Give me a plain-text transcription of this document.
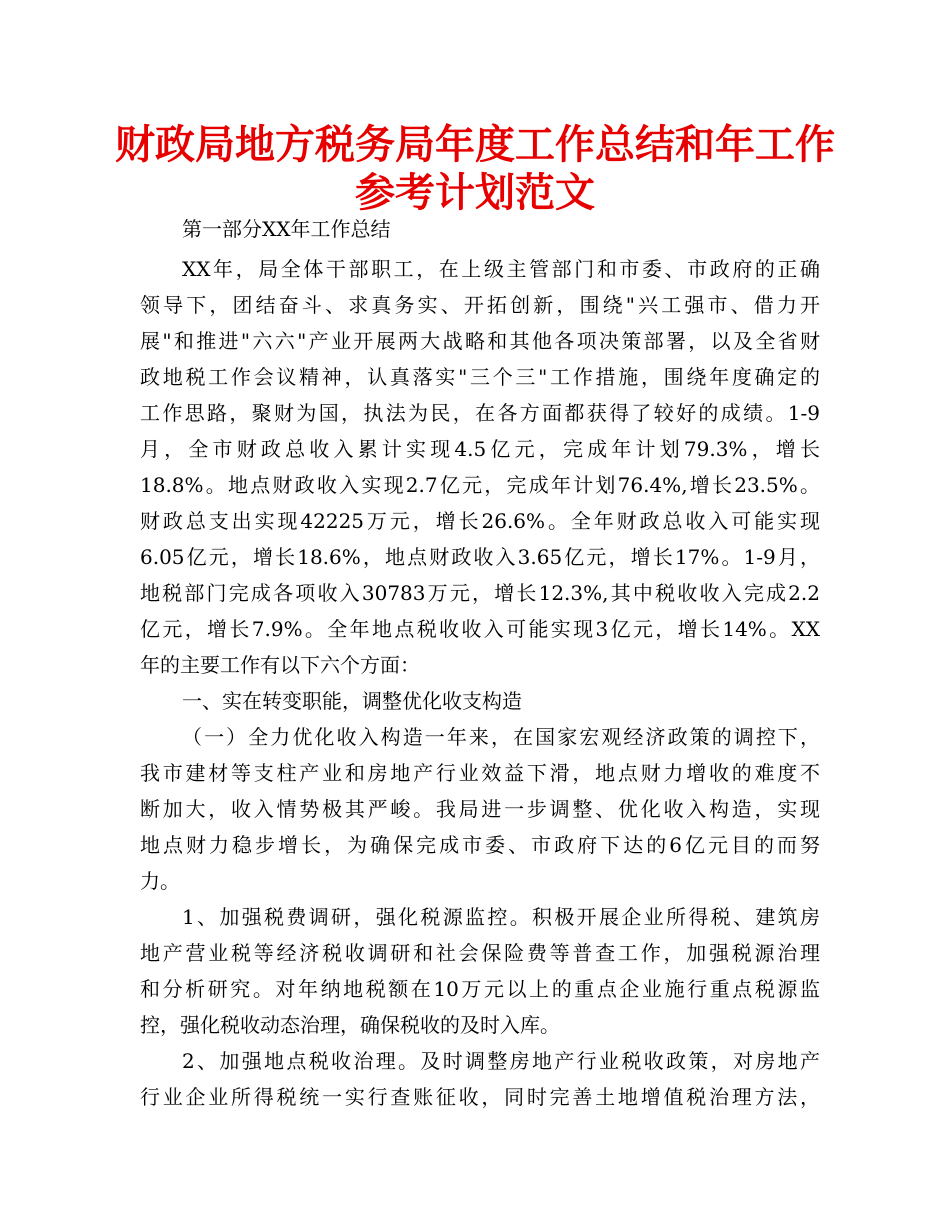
财政局地方税务局年度工作总结和年工作
参考计划范文

第一部分XX年工作总结

XX年，局全体干部职工，在上级主管部门和市委、市政府的正确

领导下，团结奋斗、求真务实、开拓创新，围绕"兴工强市、借力开

展"和推进"六六"产业开展两大战略和其他各项决策部署，以及全省财

政地税工作会议精神，认真落实"三个三"工作措施，围绕年度确定的

工作思路，聚财为国，执法为民，在各方面都获得了较好的成绩。1-9

月，全市财政总收入累计实现4.5亿元，完成年计划79.3%，增长

18.8%。地点财政收入实现2.7亿元，完成年计划76.4%,增长23.5%。

财政总支出实现42225万元，增长26.6%。全年财政总收入可能实现

6.05亿元，增长18.6%，地点财政收入3.65亿元，增长17%。1-9月，

地税部门完成各项收入30783万元，增长12.3%,其中税收收入完成2.2

亿元，增长7.9%。全年地点税收收入可能实现3亿元，增长14%。XX

年的主要工作有以下六个方面：

一、实在转变职能，调整优化收支构造

（一）全力优化收入构造一年来，在国家宏观经济政策的调控下，

我市建材等支柱产业和房地产行业效益下滑，地点财力增收的难度不

断加大，收入情势极其严峻。我局进一步调整、优化收入构造，实现

地点财力稳步增长，为确保完成市委、市政府下达的6亿元目的而努

力。

1、加强税费调研，强化税源监控。积极开展企业所得税、建筑房

地产营业税等经济税收调研和社会保险费等普查工作，加强税源治理

和分析研究。对年纳地税额在10万元以上的重点企业施行重点税源监

控，强化税收动态治理，确保税收的及时入库。

2、加强地点税收治理。及时调整房地产行业税收政策，对房地产

行业企业所得税统一实行查账征收，同时完善土地增值税治理方法，
